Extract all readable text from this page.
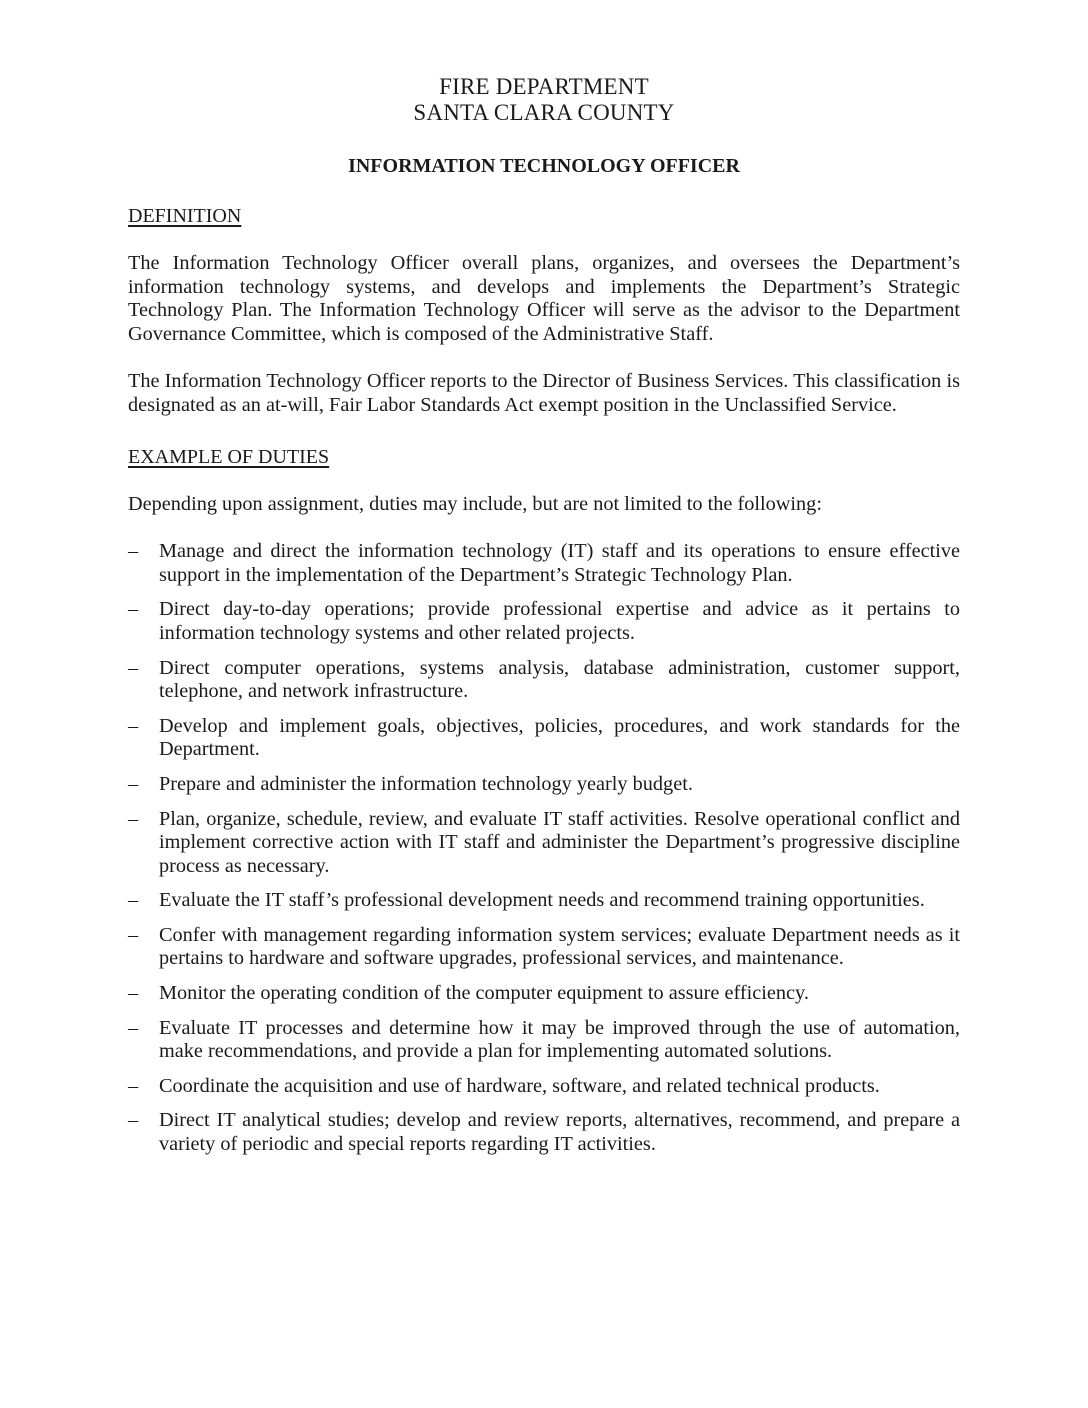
FIRE DEPARTMENT
SANTA CLARA COUNTY
INFORMATION TECHNOLOGY OFFICER
DEFINITION

The Information Technology Officer overall plans, organizes, and oversees the Department’s information technology systems, and develops and implements the Department’s Strategic Technology Plan. The Information Technology Officer will serve as the advisor to the Department Governance Committee, which is composed of the Administrative Staff.

The Information Technology Officer reports to the Director of Business Services. This classification is designated as an at-will, Fair Labor Standards Act exempt position in the Unclassified Service.

EXAMPLE OF DUTIES

Depending upon assignment, duties may include, but are not limited to the following:

– Manage and direct the information technology (IT) staff and its operations to ensure effective support in the implementation of the Department’s Strategic Technology Plan.
– Direct day-to-day operations; provide professional expertise and advice as it pertains to information technology systems and other related projects.
– Direct computer operations, systems analysis, database administration, customer support, telephone, and network infrastructure.
– Develop and implement goals, objectives, policies, procedures, and work standards for the Department.
– Prepare and administer the information technology yearly budget.
– Plan, organize, schedule, review, and evaluate IT staff activities. Resolve operational conflict and implement corrective action with IT staff and administer the Department’s progressive discipline process as necessary.
– Evaluate the IT staff’s professional development needs and recommend training opportunities.
– Confer with management regarding information system services; evaluate Department needs as it pertains to hardware and software upgrades, professional services, and maintenance.
– Monitor the operating condition of the computer equipment to assure efficiency.
– Evaluate IT processes and determine how it may be improved through the use of automation, make recommendations, and provide a plan for implementing automated solutions.
– Coordinate the acquisition and use of hardware, software, and related technical products.
– Direct IT analytical studies; develop and review reports, alternatives, recommend, and prepare a variety of periodic and special reports regarding IT activities.
